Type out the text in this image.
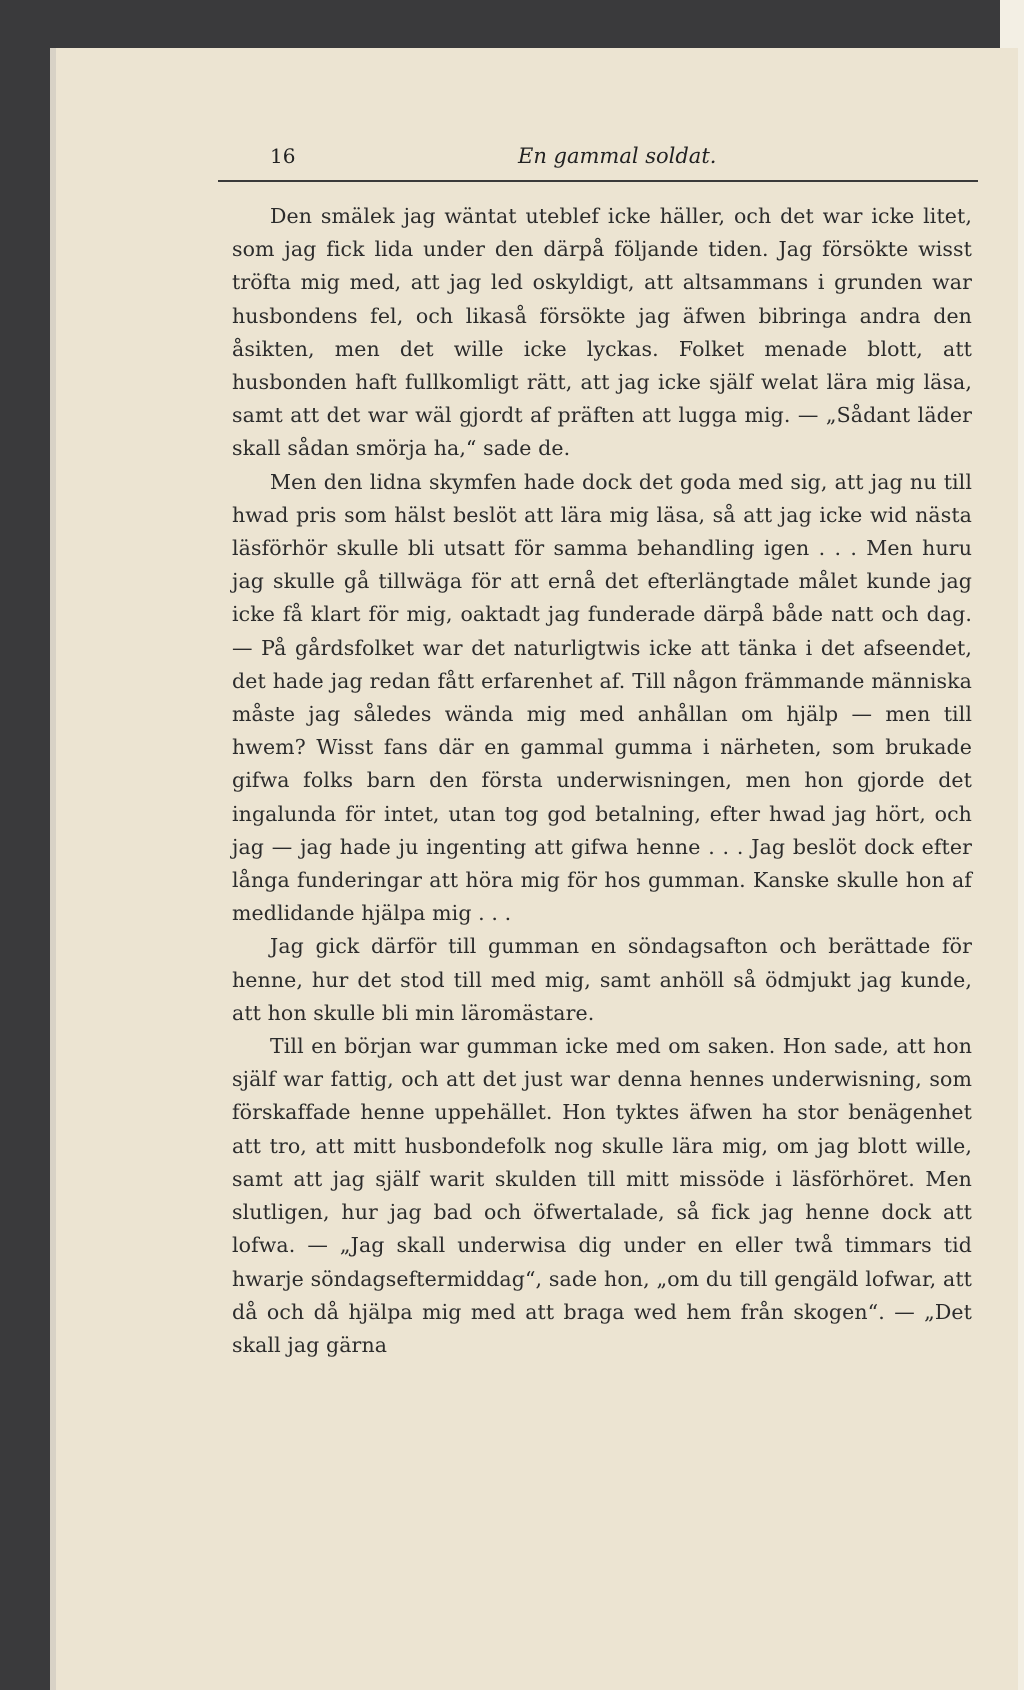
16	En gammal soldat.

Den smälek jag wäntat uteblef icke häller, och det war icke litet, som jag fick lida under den därpå följande tiden. Jag försökte wisst tröfta mig med, att jag led oskyldigt, att altsammans i grunden war husbondens fel, och likaså försökte jag äfwen bibringa andra den åsikten, men det wille icke lyckas. Folket menade blott, att husbonden haft fullkomligt rätt, att jag icke själf welat lära mig läsa, samt att det war wäl gjordt af präften att lugga mig. — „Sådant läder skall sådan smörja ha,“ sade de.

Men den lidna skymfen hade dock det goda med sig, att jag nu till hwad pris som hälst beslöt att lära mig läsa, så att jag icke wid nästa läsförhör skulle bli utsatt för samma behandling igen . . . Men huru jag skulle gå tillwäga för att ernå det efterlängtade målet kunde jag icke få klart för mig, oaktadt jag funderade därpå både natt och dag. — På gårdsfolket war det naturligtwis icke att tänka i det afseendet, det hade jag redan fått erfarenhet af. Till någon främmande människa måste jag således wända mig med anhållan om hjälp — men till hwem? Wisst fans där en gammal gumma i närheten, som brukade gifwa folks barn den första underwisningen, men hon gjorde det ingalunda för intet, utan tog god betalning, efter hwad jag hört, och jag — jag hade ju ingenting att gifwa henne . . . Jag beslöt dock efter långa funderingar att höra mig för hos gumman. Kanske skulle hon af medlidande hjälpa mig . . .

Jag gick därför till gumman en söndagsafton och berättade för henne, hur det stod till med mig, samt anhöll så ödmjukt jag kunde, att hon skulle bli min läromästare.

Till en början war gumman icke med om saken. Hon sade, att hon själf war fattig, och att det just war denna hennes underwisning, som förskaffade henne uppehället. Hon tyktes äfwen ha stor benägenhet att tro, att mitt husbondefolk nog skulle lära mig, om jag blott wille, samt att jag själf warit skulden till mitt missöde i läsförhöret. Men slutligen, hur jag bad och öfwertalade, så fick jag henne dock att lofwa. — „Jag skall underwisa dig under en eller twå timmars tid hwarje söndagseftermiddag“, sade hon, „om du till gengäld lofwar, att då och då hjälpa mig med att braga wed hem från skogen“. — „Det skall jag gärna
